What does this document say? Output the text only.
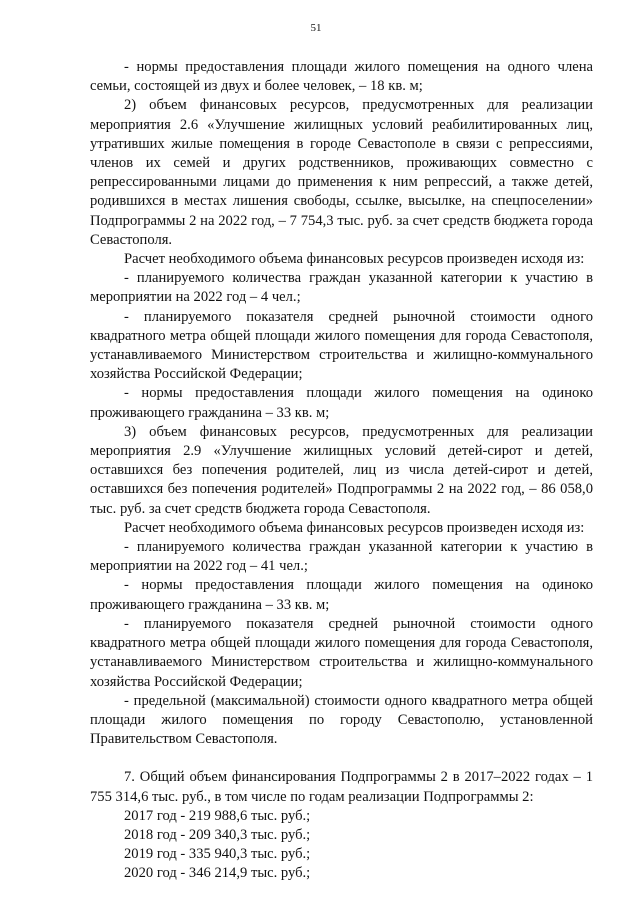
51

- нормы предоставления площади жилого помещения на одного члена семьи, состоящей из двух и более человек, – 18 кв. м;

2) объем финансовых ресурсов, предусмотренных для реализации мероприятия 2.6 «Улучшение жилищных условий реабилитированных лиц, утративших жилые помещения в городе Севастополе в связи с репрессиями, членов их семей и других родственников, проживающих совместно с репрессированными лицами до применения к ним репрессий, а также детей, родившихся в местах лишения свободы, ссылке, высылке, на спецпоселении» Подпрограммы 2 на 2022 год, – 7 754,3 тыс. руб. за счет средств бюджета города Севастополя.

Расчет необходимого объема финансовых ресурсов произведен исходя из:

- планируемого количества граждан указанной категории к участию в мероприятии на 2022 год – 4 чел.;

- планируемого показателя средней рыночной стоимости одного квадратного метра общей площади жилого помещения для города Севастополя, устанавливаемого Министерством строительства и жилищно-коммунального хозяйства Российской Федерации;

- нормы предоставления площади жилого помещения на одиноко проживающего гражданина – 33 кв. м;

3) объем финансовых ресурсов, предусмотренных для реализации мероприятия 2.9 «Улучшение жилищных условий детей-сирот и детей, оставшихся без попечения родителей, лиц из числа детей-сирот и детей, оставшихся без попечения родителей» Подпрограммы 2 на 2022 год, – 86 058,0 тыс. руб. за счет средств бюджета города Севастополя.

Расчет необходимого объема финансовых ресурсов произведен исходя из:

- планируемого количества граждан указанной категории к участию в мероприятии на 2022 год – 41 чел.;

- нормы предоставления площади жилого помещения на одиноко проживающего гражданина – 33 кв. м;

- планируемого показателя средней рыночной стоимости одного квадратного метра общей площади жилого помещения для города Севастополя, устанавливаемого Министерством строительства и жилищно-коммунального хозяйства Российской Федерации;

- предельной (максимальной) стоимости одного квадратного метра общей площади жилого помещения по городу Севастополю, установленной Правительством Севастополя.

7. Общий объем финансирования Подпрограммы 2 в 2017–2022 годах – 1 755 314,6 тыс. руб., в том числе по годам реализации Подпрограммы 2:

2017 год - 219 988,6 тыс. руб.;

2018 год - 209 340,3 тыс. руб.;

2019 год - 335 940,3 тыс. руб.;

2020 год - 346 214,9 тыс. руб.;
